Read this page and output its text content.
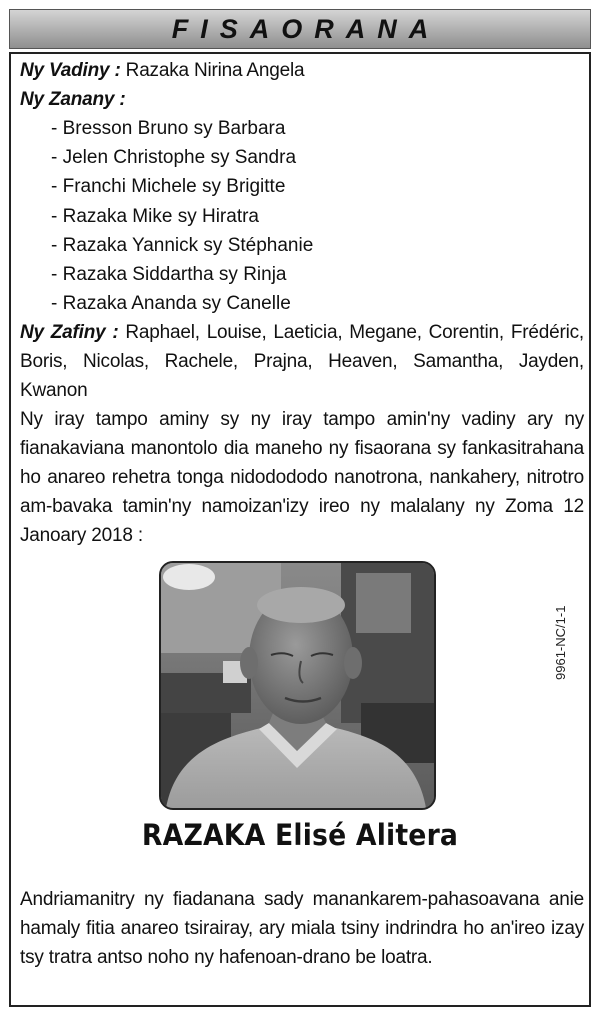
FISAORANA
Ny Vadiny : Razaka Nirina Angela
Ny Zanany :
- Bresson Bruno sy Barbara
- Jelen Christophe sy Sandra
- Franchi Michele sy Brigitte
- Razaka Mike sy Hiratra
- Razaka Yannick sy Stéphanie
- Razaka Siddartha sy Rinja
- Razaka Ananda sy Canelle
Ny Zafiny : Raphael, Louise, Laeticia, Megane, Corentin, Frédéric, Boris, Nicolas, Rachele, Prajna, Heaven, Samantha, Jayden, Kwanon
Ny iray tampo aminy sy ny iray tampo amin'ny vadiny ary ny fianakaviana manontolo dia maneho ny fisaorana sy fankasitrahana ho anareo rehetra tonga nidodododo nanotrona, nankahery, nitrotro am-bavaka tamin'ny namoizan'izy ireo ny malalany ny Zoma 12 Janoary 2018 :
9961-NC/1-1
RAZAKA Elisé Alitera
Andriamanitry ny fiadanana sady manankarem-pahasoavana anie hamaly fitia anareo tsirairay, ary miala tsiny indrindra ho an'ireo izay tsy tratra antso noho ny hafenoan-drano be loatra.
